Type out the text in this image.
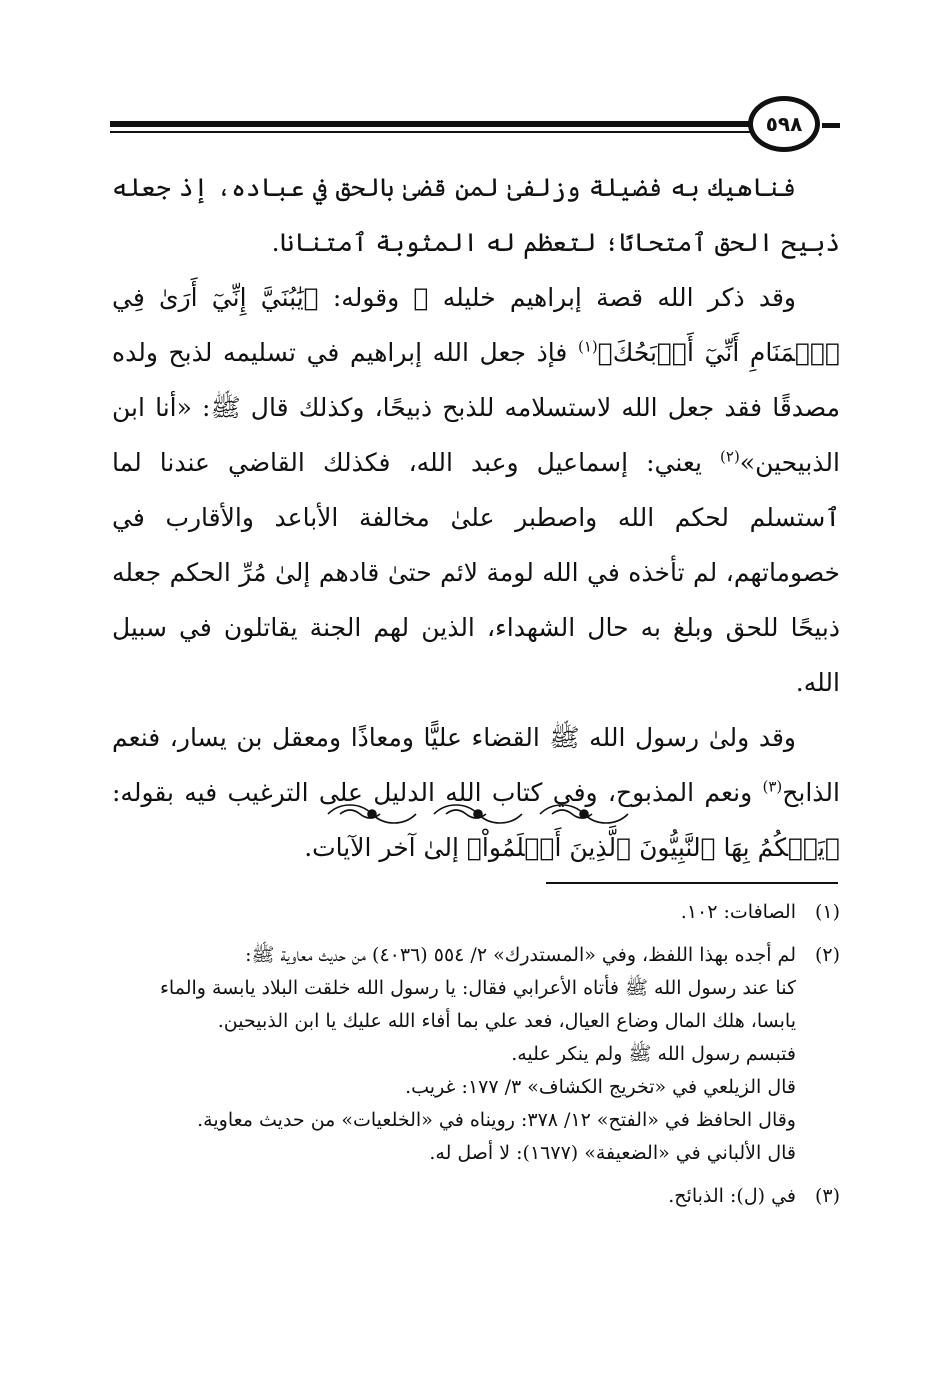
٥٩٨

فناهيك به فضيلة وزلفىٰ لمن قضىٰ بالحق في عباده، إذ جعله ذبيح الحق ٱمتحانًا؛ لتعظم له المثوبة ٱمتنانا.

وقد ذكر الله قصة إبراهيم خليله ﷺ وقوله: ﴿يَٰبُنَيَّ إِنِّيٓ أَرَىٰ فِي ٱلۡمَنَامِ أَنِّيٓ أَذۡبَحُكَ﴾$^{(١)}$ فإذ جعل الله إبراهيم في تسليمه لذبح ولده مصدقًا فقد جعل الله لاستسلامه للذبح ذبيحًا، وكذلك قال ﷺ: «أنا ابن الذبيحين»$^{(٢)}$ يعني: إسماعيل وعبد الله، فكذلك القاضي عندنا لما ٱستسلم لحكم الله واصطبر علىٰ مخالفة الأباعد والأقارب في خصوماتهم، لم تأخذه في الله لومة لائم حتىٰ قادهم إلىٰ مُرِّ الحكم جعله ذبيحًا للحق وبلغ به حال الشهداء، الذين لهم الجنة يقاتلون في سبيل الله.

وقد ولىٰ رسول الله ﷺ القضاء عليًّا ومعاذًا ومعقل بن يسار، فنعم الذابح$^{(٣)}$ ونعم المذبوح، وفي كتاب الله الدليل على الترغيب فيه بقوله: ﴿يَحۡكُمُ بِهَا ٱلنَّبِيُّونَ ٱلَّذِينَ أَسۡلَمُواْ﴾ إلىٰ آخر الآيات.

(١)
الصافات: ١٠٢.
(٢)
لم أجده بهذا اللفظ، وفي «المستدرك» ٢/ ٥٥٤ (٤٠٣٦) من حديث معاوية ﷺ:
كنا عند رسول الله ﷺ فأتاه الأعرابي فقال: يا رسول الله خلقت البلاد يابسة والماء
يابسا، هلك المال وضاع العيال، فعد علي بما أفاء الله عليك يا ابن الذبيحين.
فتبسم رسول الله ﷺ ولم ينكر عليه.
قال الزيلعي في «تخريج الكشاف» ٣/ ١٧٧: غريب.
وقال الحافظ في «الفتح» ١٢/ ٣٧٨: رويناه في «الخلعيات» من حديث معاوية.
قال الألباني في «الضعيفة» (١٦٧٧): لا أصل له.
(٣)
في (ل): الذبائح.
